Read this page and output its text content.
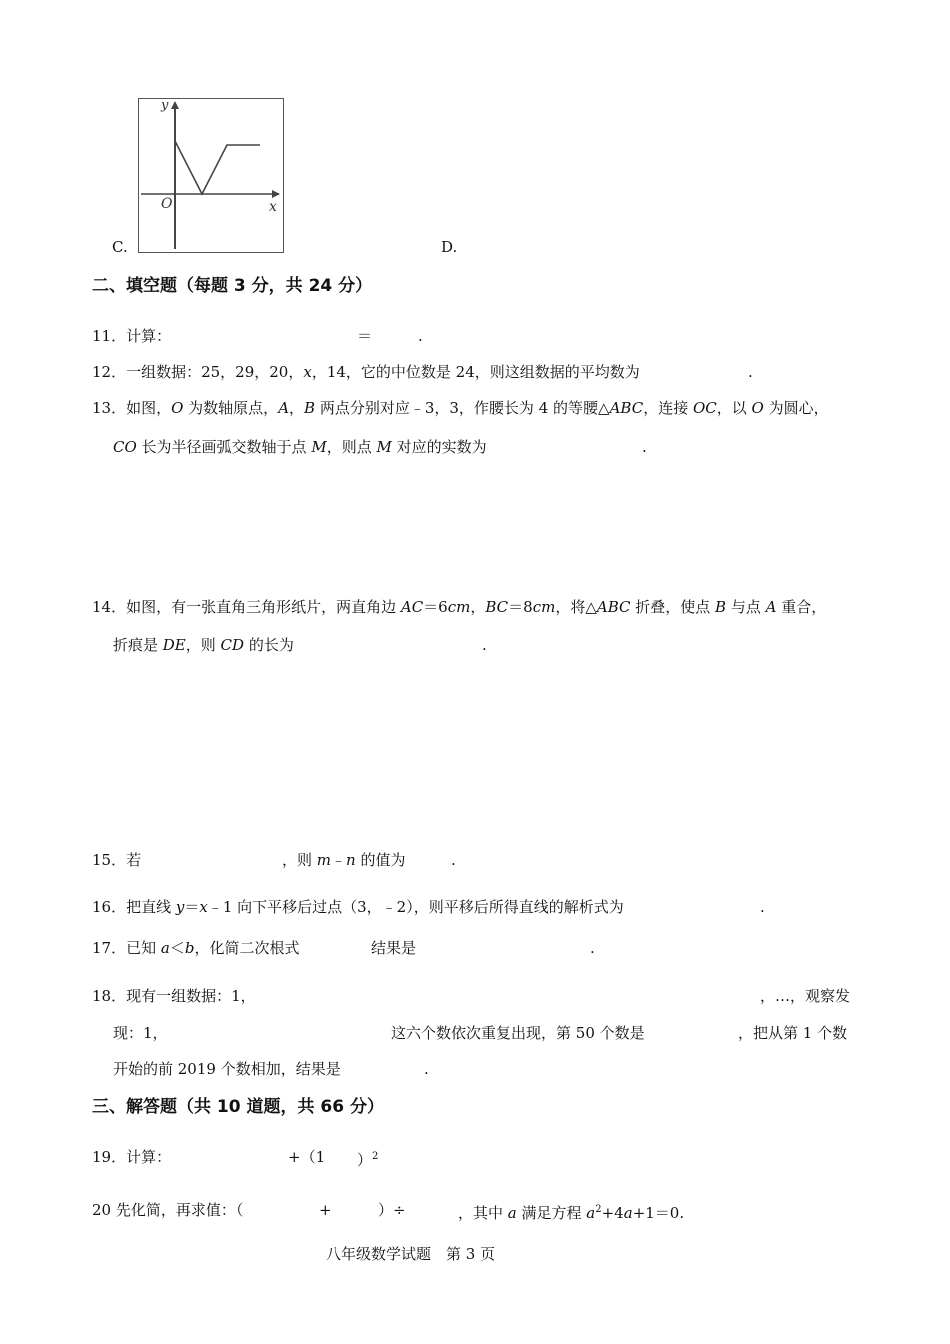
y
x
O
C.	D.
二、填空题（每题 3 分，共 24 分）
11．计算：	＝	.
12．一组数据：25，29，20，x，14，它的中位数是 24，则这组数据的平均数为	.
13．如图，O 为数轴原点，A，B 两点分别对应﹣3，3，作腰长为 4 的等腰△ABC，连接 OC，以 O 为圆心，
CO 长为半径画弧交数轴于点 M，则点 M 对应的实数为	.
14．如图，有一张直角三角形纸片，两直角边 AC＝6cm，BC＝8cm，将△ABC 折叠，使点 B 与点 A 重合，
折痕是 DE，则 CD 的长为	.
15．若	，则 m﹣n 的值为	.
16．把直线 y＝x﹣1 向下平移后过点（3，﹣2），则平移后所得直线的解析式为	.
17．已知 a＜b，化简二次根式	结果是	.
18．现有一组数据：1，	，…，观察发
现：1，	这六个数依次重复出现，第 50 个数是	，把从第 1 个数
开始的前 2019 个数相加，结果是	.
三、解答题（共 10 道题，共 66 分）
19．计算：	+（1 ）$^2$
20 先化简，再求值：（	+	）÷	，其中 a 满足方程 $a^2+4a+1=0$.
八年级数学试题　第 3 页
